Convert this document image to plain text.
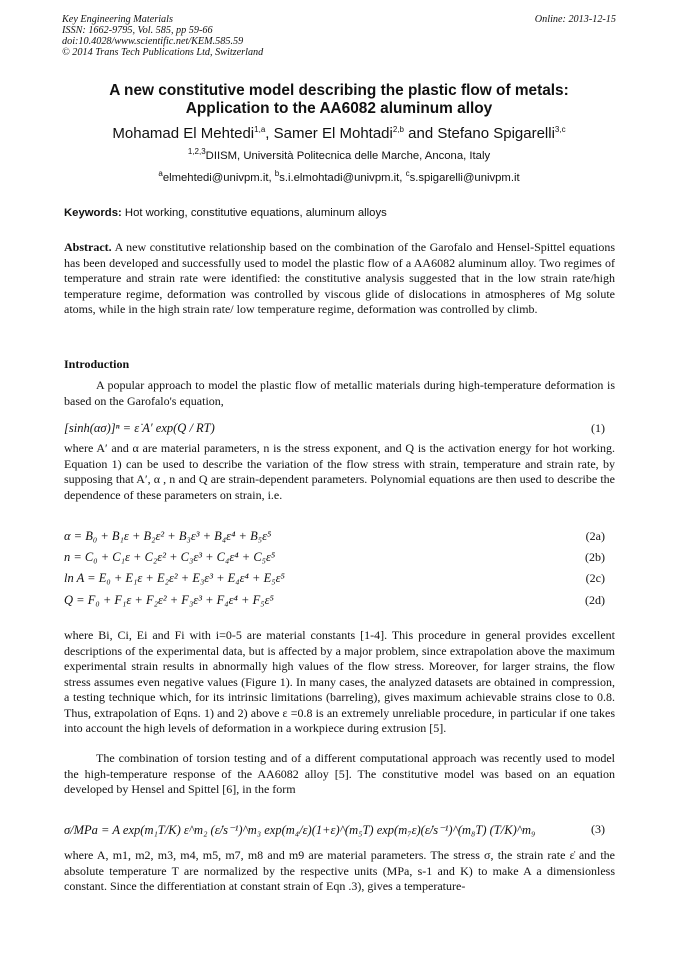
Key Engineering Materials
ISSN: 1662-9795, Vol. 585, pp 59-66
doi:10.4028/www.scientific.net/KEM.585.59
© 2014 Trans Tech Publications Ltd, Switzerland
Online: 2013-12-15
A new constitutive model describing the plastic flow of metals:
Application to the AA6082 aluminum alloy
Mohamad El Mehtedi$^{1,a}$, Samer El Mohtadi$^{2,b}$ and Stefano Spigarelli$^{3,c}$
$^{1,2,3}$DIISM, Università Politecnica delle Marche, Ancona, Italy
$^a$elmehtedi@univpm.it, $^b$s.i.elmohtadi@univpm.it, $^c$s.spigarelli@univpm.it
Keywords: Hot working, constitutive equations, aluminum alloys
Abstract. A new constitutive relationship based on the combination of the Garofalo and Hensel-Spittel equations has been developed and successfully used to model the plastic flow of a AA6082 aluminum alloy. Two regimes of temperature and strain rate were identified: the constitutive analysis suggested that in the low strain rate/high temperature regime, deformation was controlled by viscous glide of dislocations in atmospheres of Mg solute atoms, while in the high strain rate/ low temperature regime, deformation was controlled by climb.
Introduction
A popular approach to model the plastic flow of metallic materials during high-temperature deformation is based on the Garofalo's equation,
[sinh(ασ)]ⁿ = ε̇ A′ exp(Q / RT)	(1)
where A′ and α are material parameters, n is the stress exponent, and Q is the activation energy for hot working. Equation 1) can be used to describe the variation of the flow stress with strain, temperature and strain rate, by supposing that A′, α , n and Q are strain-dependent parameters. Polynomial equations are then used to describe the dependence of these parameters on strain, i.e.
α = B₀ + B₁ε + B₂ε² + B₃ε³ + B₄ε⁴ + B₅ε⁵	(2a)
n = C₀ + C₁ε + C₂ε² + C₃ε³ + C₄ε⁴ + C₅ε⁵	(2b)
ln A = E₀ + E₁ε + E₂ε² + E₃ε³ + E₄ε⁴ + E₅ε⁵	(2c)
Q = F₀ + F₁ε + F₂ε² + F₃ε³ + F₄ε⁴ + F₅ε⁵	(2d)
where Bi, Ci, Ei and Fi with i=0-5 are material constants [1-4]. This procedure in general provides excellent descriptions of the experimental data, but is affected by a major problem, since extrapolation above the maximum experimental strain results in abnormally high values of the flow stress. Moreover, for larger strains, the flow stress assumes even negative values (Figure 1). In many cases, the analyzed datasets are obtained in compression, a testing technique which, for its intrinsic limitations (barreling), gives maximum achievable strains close to 0.8. Thus, extrapolation of Eqns. 1) and 2) above ε =0.8 is an extremely unreliable procedure, in particular if one takes into account the high levels of deformation in a workpiece during extrusion [5].
The combination of torsion testing and of a different computational approach was recently used to model the high-temperature response of the AA6082 alloy [5]. The constitutive model was based on an equation developed by Hensel and Spittel [6], in the form
σ/MPa = A exp(m₁T/K) ε^m₂ (ε̇/s⁻¹)^m₃ exp(m₄/ε)(1+ε)^(m₅T) exp(m₇ε)(ε̇/s⁻¹)^(m₈T) (T/K)^m₉	(3)
where A, m1, m2, m3, m4, m5, m7, m8 and m9 are material parameters. The stress σ, the strain rate ε̇ and the absolute temperature T are normalized by the respective units (MPa, s-1 and K) to make A a dimensionless constant. Since the differentiation at constant strain of Eqn .3), gives a temperature-
